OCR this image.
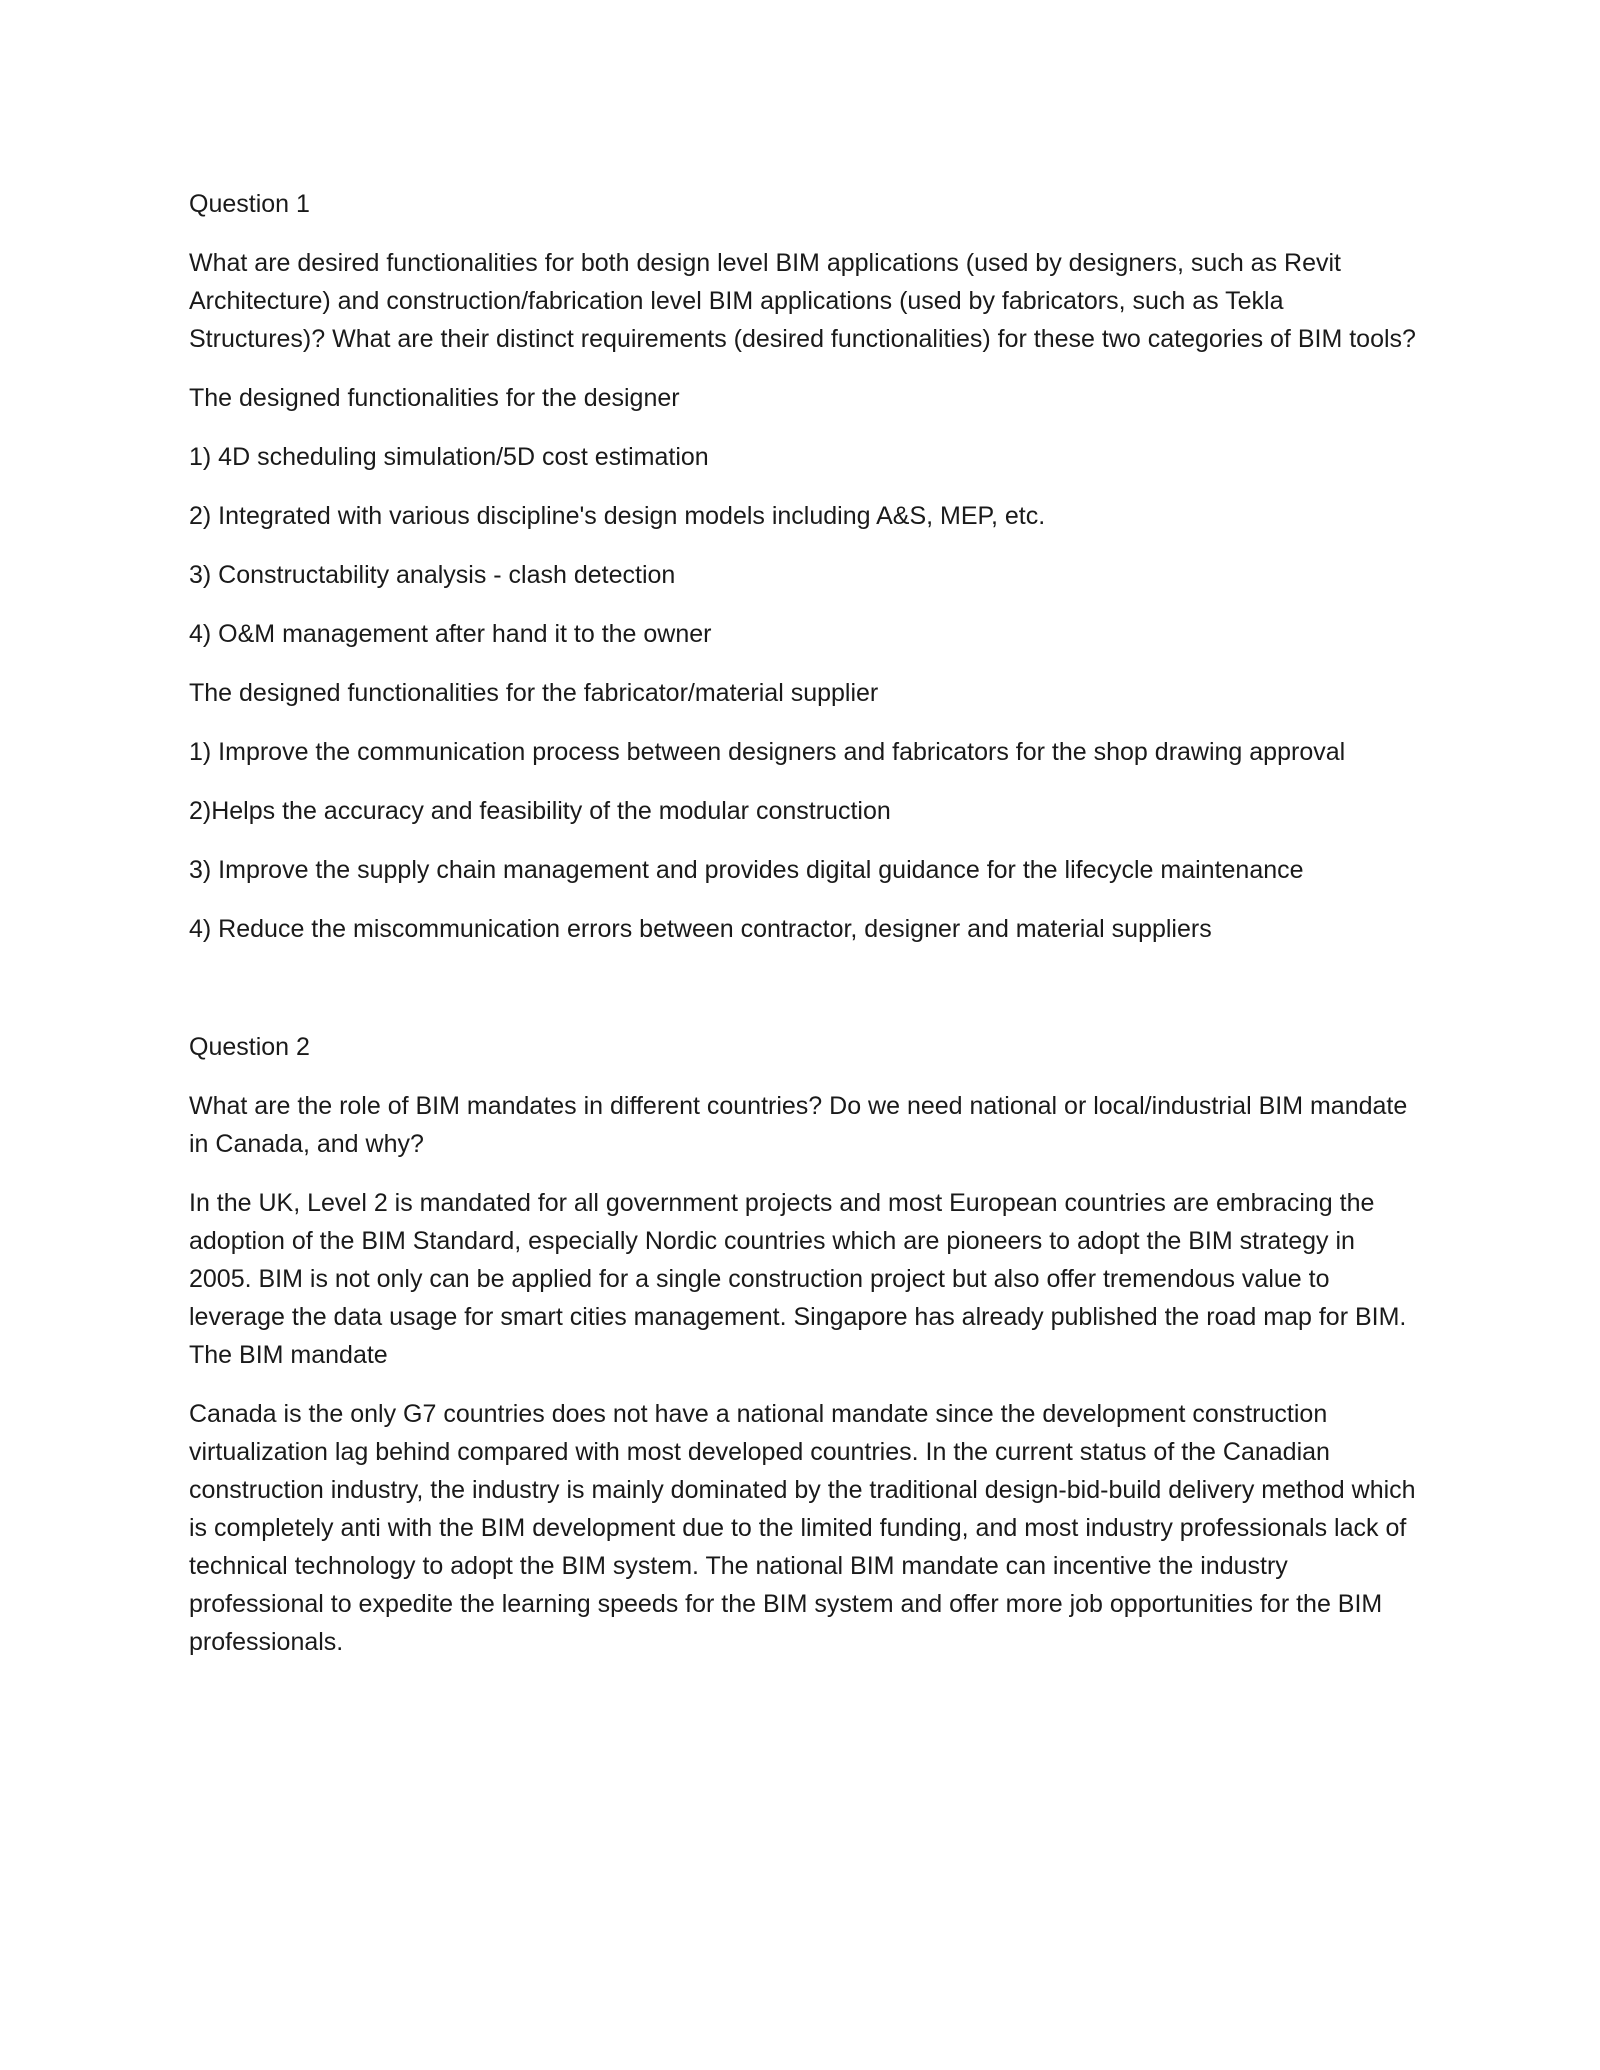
Question 1

What are desired functionalities for both design level BIM applications (used by designers, such as Revit Architecture) and construction/fabrication level BIM applications (used by fabricators, such as Tekla Structures)? What are their distinct requirements (desired functionalities) for these two categories of BIM tools?

The designed functionalities for the designer

1) 4D scheduling simulation/5D cost estimation

2) Integrated with various discipline's design models including A&S, MEP, etc.

3) Constructability analysis - clash detection

4) O&M management after hand it to the owner

The designed functionalities for the fabricator/material supplier

1) Improve the communication process between designers and fabricators for the shop drawing approval

2)Helps the accuracy and feasibility of the modular construction

3) Improve the supply chain management and provides digital guidance for the lifecycle maintenance

4) Reduce the miscommunication errors between contractor, designer and material suppliers

Question 2

What are the role of BIM mandates in different countries? Do we need national or local/industrial BIM mandate in Canada, and why?

In the UK, Level 2 is mandated for all government projects and most European countries are embracing the adoption of the BIM Standard, especially Nordic countries which are pioneers to adopt the BIM strategy in 2005. BIM is not only can be applied for a single construction project but also offer tremendous value to leverage the data usage for smart cities management. Singapore has already published the road map for BIM. The BIM mandate

Canada is the only G7 countries does not have a national mandate since the development construction virtualization lag behind compared with most developed countries. In the current status of the Canadian construction industry, the industry is mainly dominated by the traditional design-bid-build delivery method which is completely anti with the BIM development due to the limited funding, and most industry professionals lack of technical technology to adopt the BIM system. The national BIM mandate can incentive the industry professional to expedite the learning speeds for the BIM system and offer more job opportunities for the BIM professionals.
